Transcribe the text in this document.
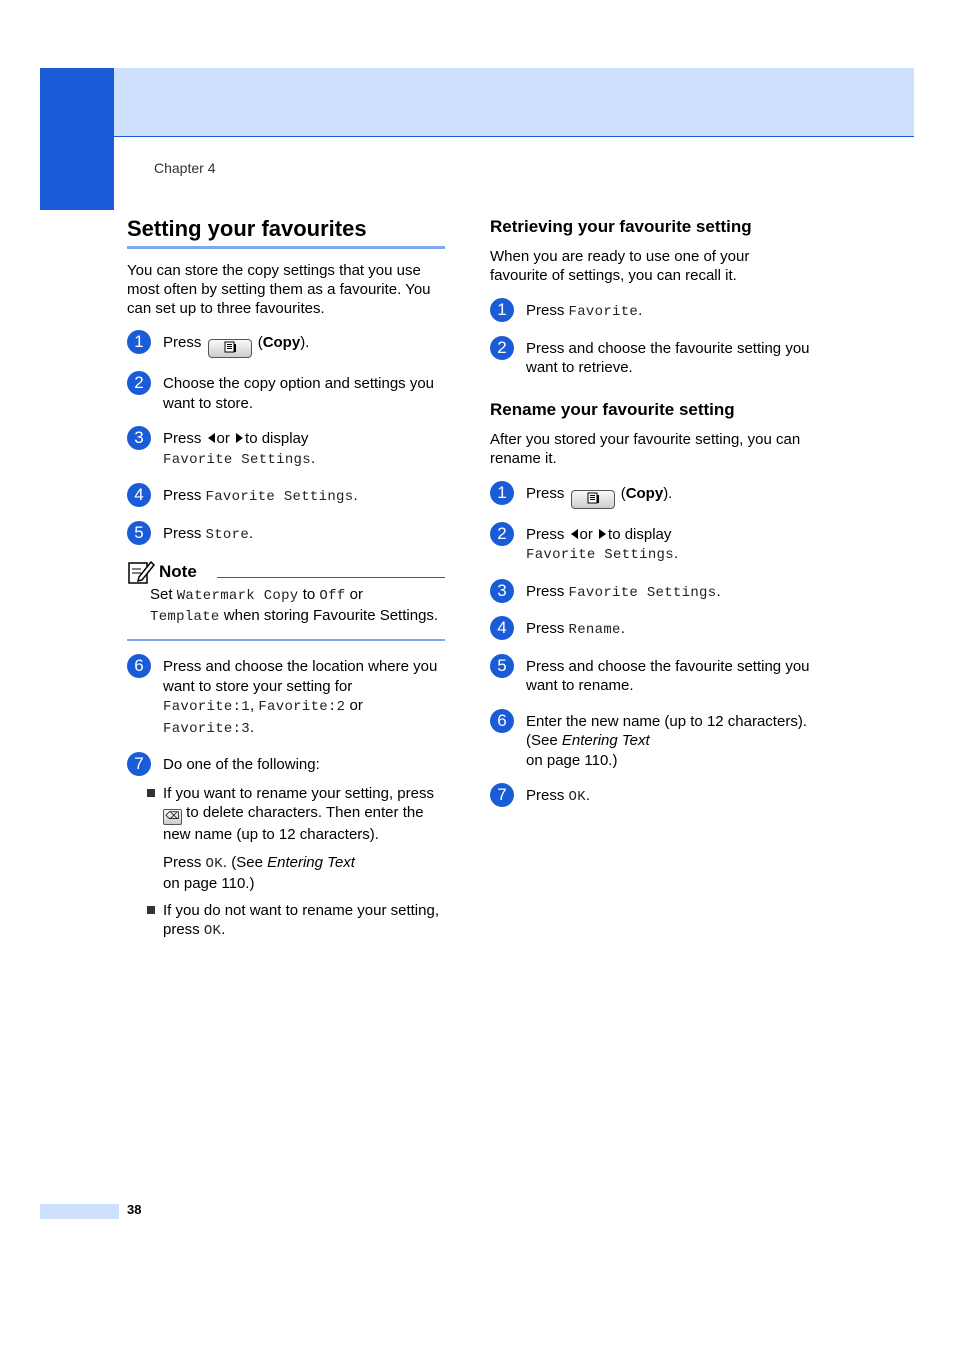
Chapter 4
Setting your favourites

You can store the copy settings that you use most often by setting them as a favourite. You can set up to three favourites.

1	Press	(Copy).
2	Choose the copy option and settings you want to store.
3	Press or to display
Favorite Settings.
4	Press Favorite Settings.
5	Press Store.
Note
Set Watermark Copy to Off or
Template when storing Favourite Settings.
6	Press and choose the location where you want to store your setting for
Favorite:1, Favorite:2 or
Favorite:3.
7	Do one of the following:
If you want to rename your setting, press ⌫ to delete characters. Then enter the new name (up to 12 characters).
Press OK. (See Entering Text
on page 110.)
If you do not want to rename your setting, press OK.
Retrieving your favourite setting

When you are ready to use one of your favourite of settings, you can recall it.

1	Press Favorite.
2	Press and choose the favourite setting you want to retrieve.
Rename your favourite setting

After you stored your favourite setting, you can rename it.

1	Press	(Copy).
2	Press or to display
Favorite Settings.
3	Press Favorite Settings.
4	Press Rename.
5	Press and choose the favourite setting you want to rename.
6	Enter the new name (up to 12 characters). (See Entering Text
on page 110.)
7	Press OK.
38
